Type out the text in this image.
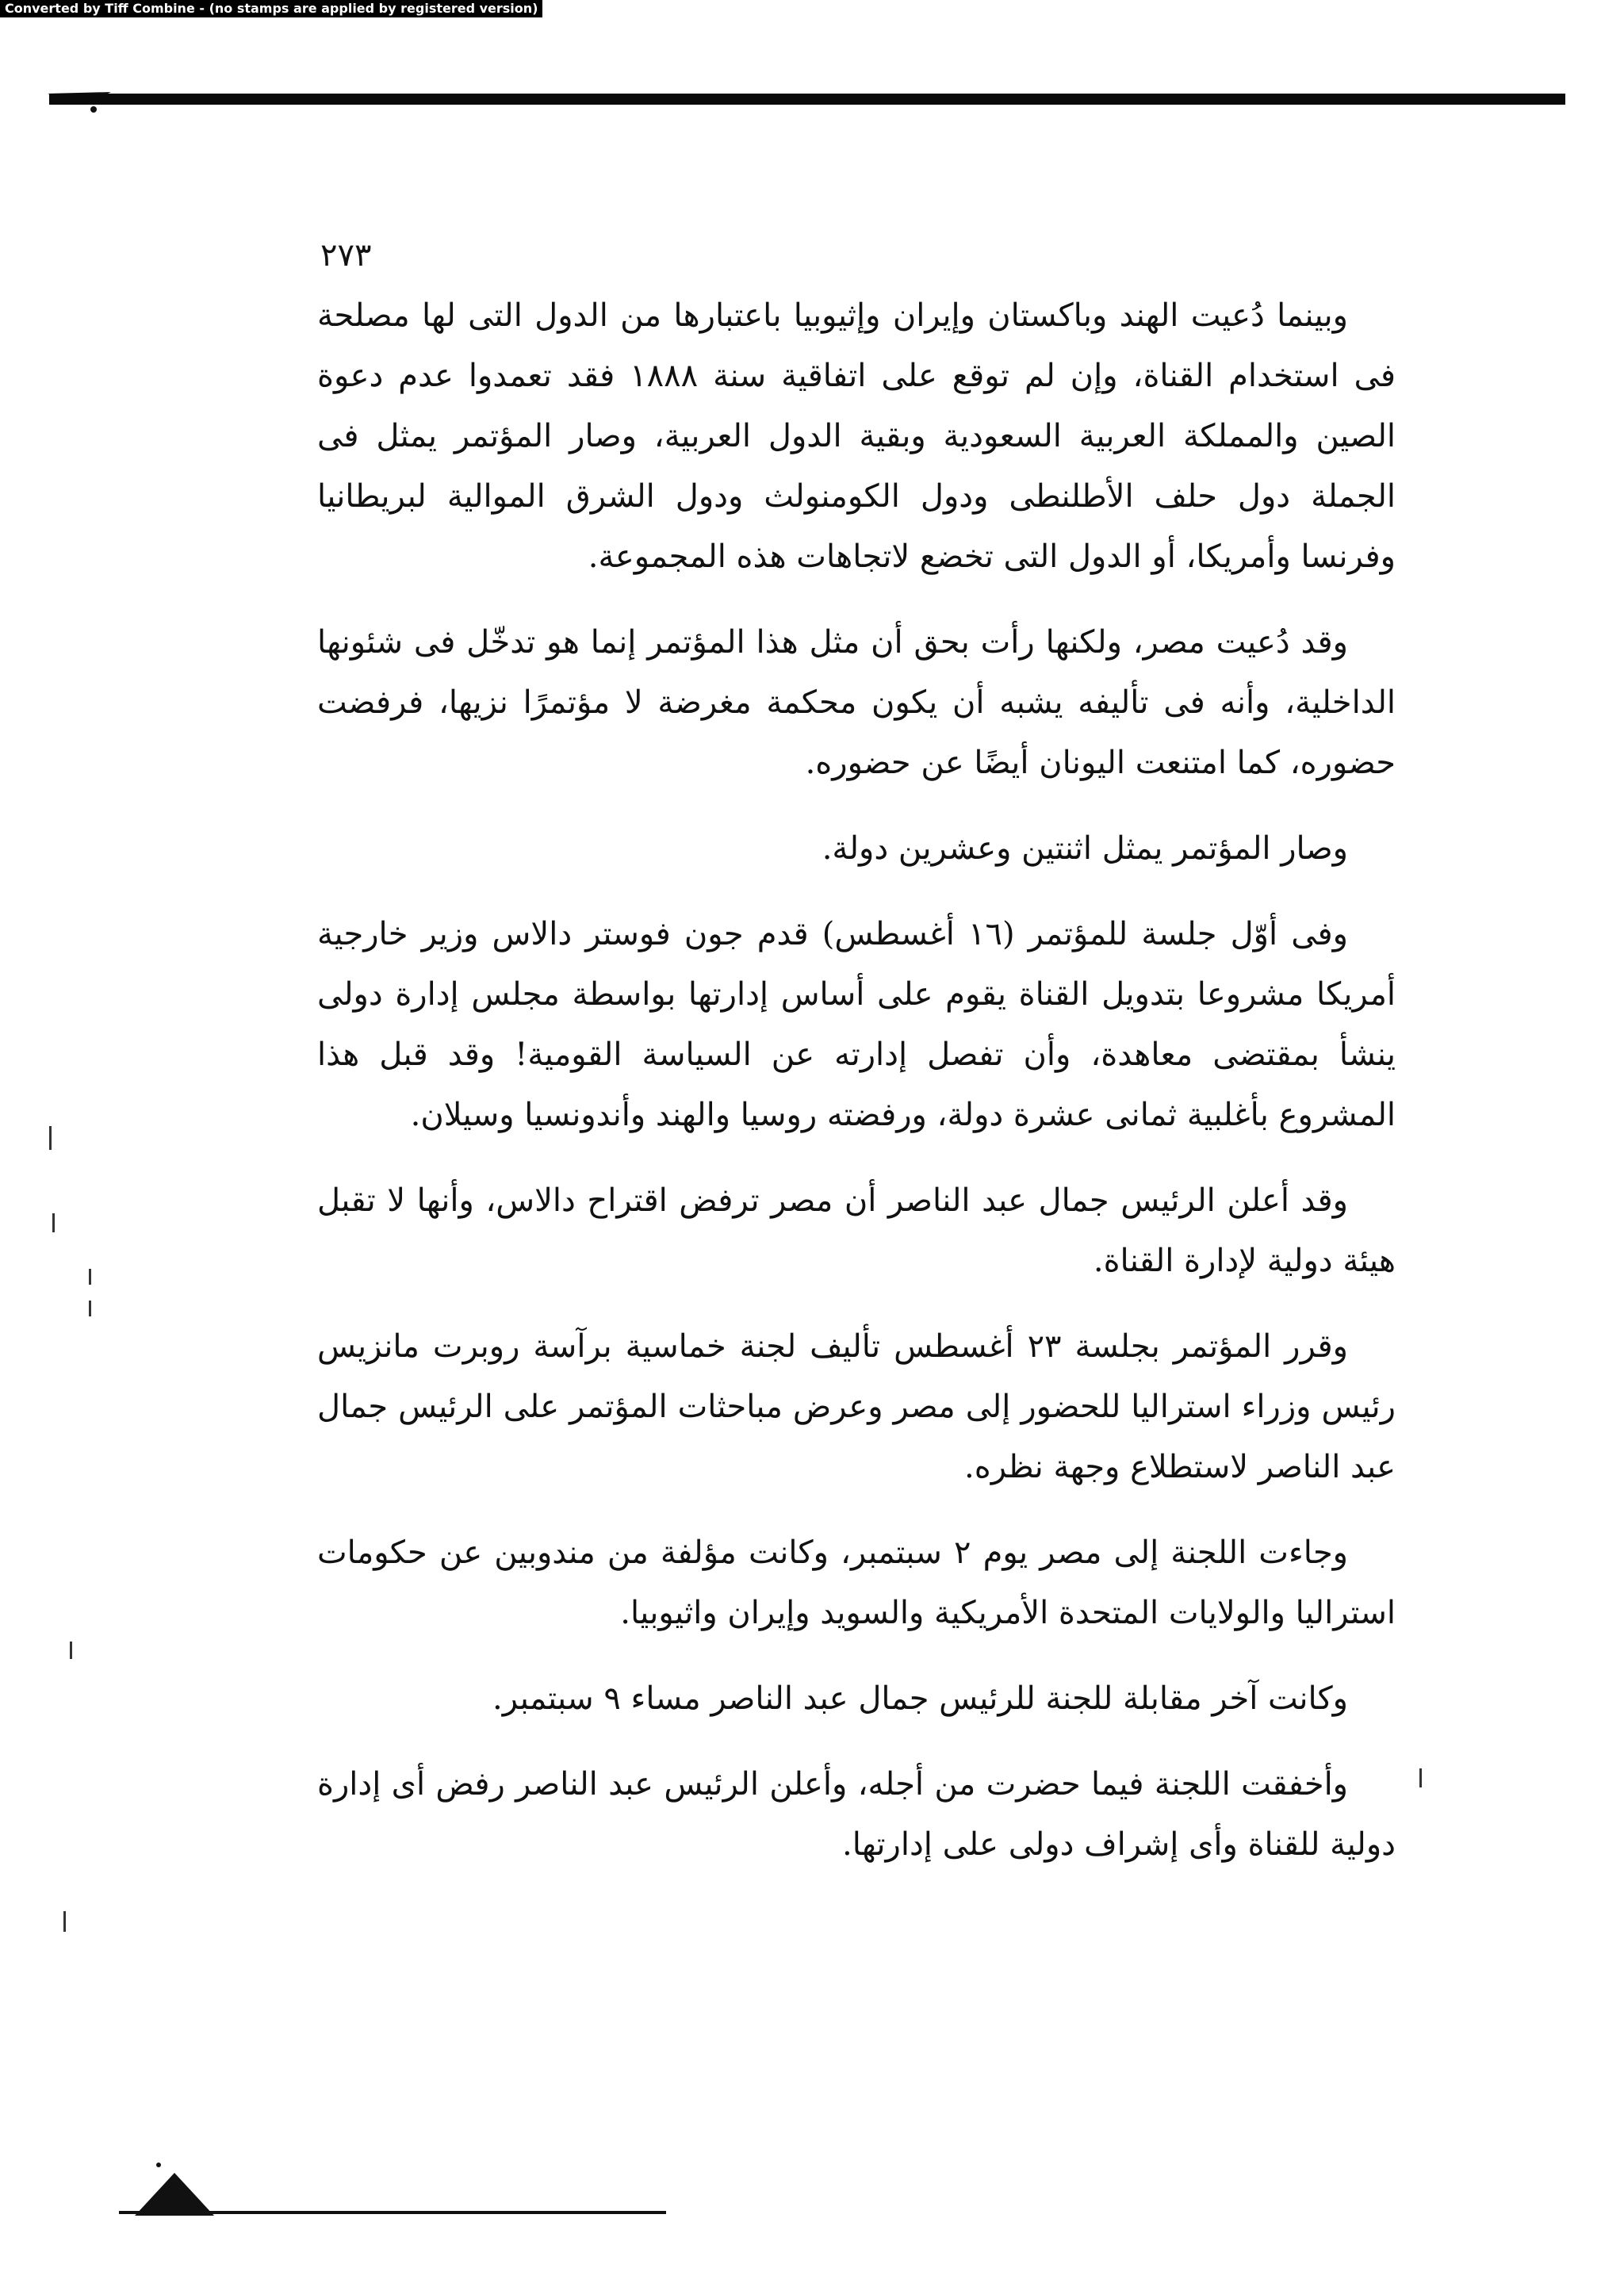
Converted by Tiff Combine - (no stamps are applied by registered version)
٢٧٣

وبينما دُعيت الهند وباكستان وإيران وإثيوبيا باعتبارها من الدول التى لها مصلحة فى استخدام القناة، وإن لم توقع على اتفاقية سنة ١٨٨٨ فقد تعمدوا عدم دعوة الصين والمملكة العربية السعودية وبقية الدول العربية، وصار المؤتمر يمثل فى الجملة دول حلف الأطلنطى ودول الكومنولث ودول الشرق الموالية لبريطانيا وفرنسا وأمريكا، أو الدول التى تخضع لاتجاهات هذه المجموعة.

وقد دُعيت مصر، ولكنها رأت بحق أن مثل هذا المؤتمر إنما هو تدخّل فى شئونها الداخلية، وأنه فى تأليفه يشبه أن يكون محكمة مغرضة لا مؤتمرًا نزيها، فرفضت حضوره، كما امتنعت اليونان أيضًا عن حضوره.

وصار المؤتمر يمثل اثنتين وعشرين دولة.

وفى أوّل جلسة للمؤتمر (١٦ أغسطس) قدم جون فوستر دالاس وزير خارجية أمريكا مشروعا بتدويل القناة يقوم على أساس إدارتها بواسطة مجلس إدارة دولى ينشأ بمقتضى معاهدة، وأن تفصل إدارته عن السياسة القومية! وقد قبل هذا المشروع بأغلبية ثمانى عشرة دولة، ورفضته روسيا والهند وأندونسيا وسيلان.

وقد أعلن الرئيس جمال عبد الناصر أن مصر ترفض اقتراح دالاس، وأنها لا تقبل هيئة دولية لإدارة القناة.

وقرر المؤتمر بجلسة ٢٣ أغسطس تأليف لجنة خماسية برآسة روبرت مانزيس رئيس وزراء استراليا للحضور إلى مصر وعرض مباحثات المؤتمر على الرئيس جمال عبد الناصر لاستطلاع وجهة نظره.

وجاءت اللجنة إلى مصر يوم ٢ سبتمبر، وكانت مؤلفة من مندوبين عن حكومات استراليا والولايات المتحدة الأمريكية والسويد وإيران واثيوبيا.

وكانت آخر مقابلة للجنة للرئيس جمال عبد الناصر مساء ٩ سبتمبر.

وأخفقت اللجنة فيما حضرت من أجله، وأعلن الرئيس عبد الناصر رفض أى إدارة دولية للقناة وأى إشراف دولى على إدارتها.
